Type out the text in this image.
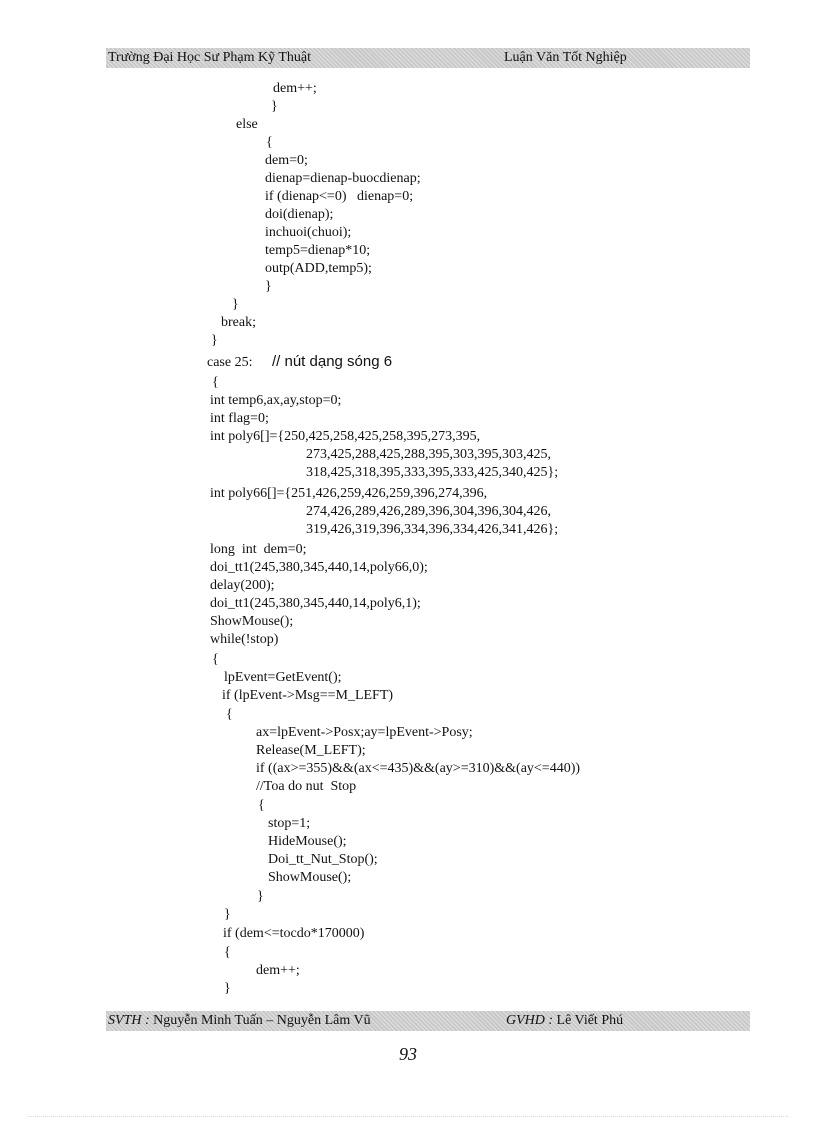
Trường Đại Học Sư Phạm Kỹ Thuật	Luận Văn Tốt Nghiệp
dem++;
}
else
{
dem=0;
dienap=dienap-buocdienap;
if (dienap<=0)   dienap=0;
doi(dienap);
inchuoi(chuoi);
temp5=dienap*10;
outp(ADD,temp5);
}
}
break;
}
case 25: // nút dạng sóng 6
{
int temp6,ax,ay,stop=0;
int flag=0;
int poly6[]={250,425,258,425,258,395,273,395,
273,425,288,425,288,395,303,395,303,425,
318,425,318,395,333,395,333,425,340,425};
int poly66[]={251,426,259,426,259,396,274,396,
274,426,289,426,289,396,304,396,304,426,
319,426,319,396,334,396,334,426,341,426};
long  int  dem=0;
doi_tt1(245,380,345,440,14,poly66,0);
delay(200);
doi_tt1(245,380,345,440,14,poly6,1);
ShowMouse();
while(!stop)
{
lpEvent=GetEvent();
if (lpEvent->Msg==M_LEFT)
{
ax=lpEvent->Posx;ay=lpEvent->Posy;
Release(M_LEFT);
if ((ax>=355)&&(ax<=435)&&(ay>=310)&&(ay<=440))
//Toa do nut  Stop
{
stop=1;
HideMouse();
Doi_tt_Nut_Stop();
ShowMouse();
}
}
if (dem<=tocdo*170000)
{
dem++;
}
SVTH : Nguyễn Minh Tuấn – Nguyễn Lâm Vũ	GVHD : Lê Viết Phú
93
